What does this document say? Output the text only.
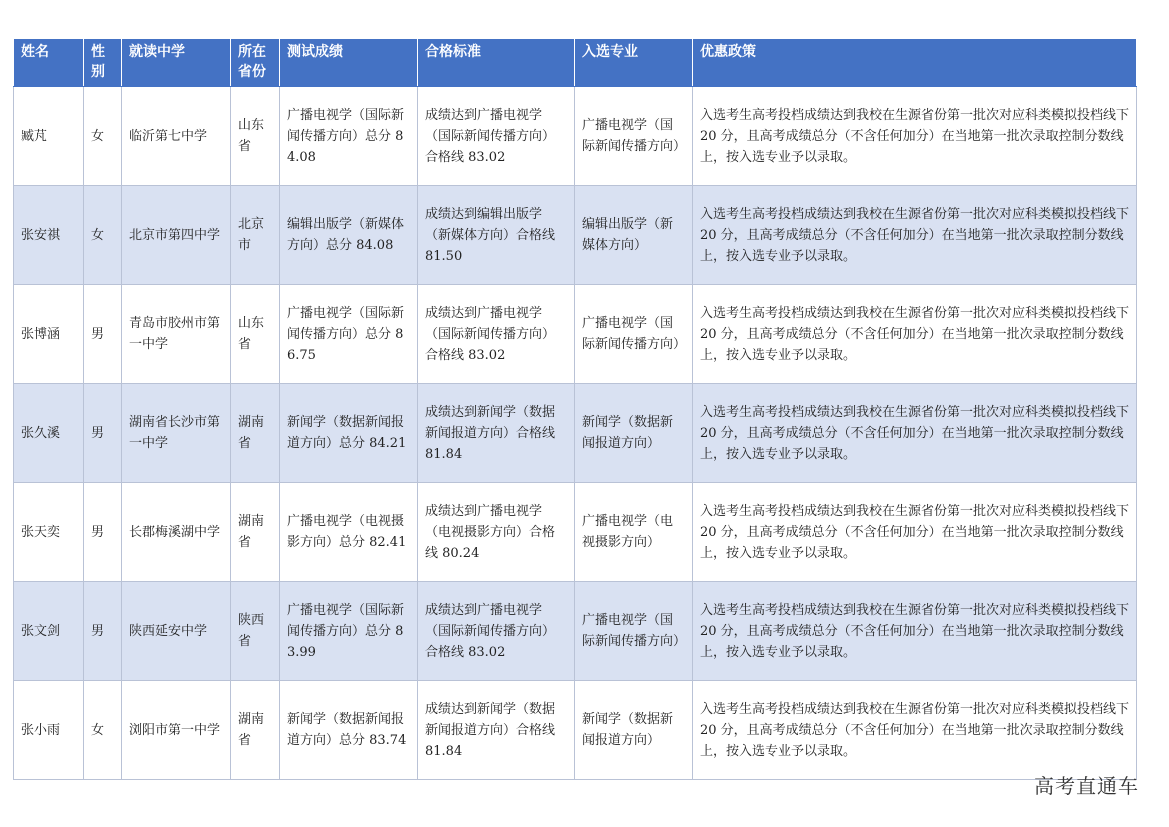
姓名	性别	就读中学	所在省份	测试成绩	合格标准	入选专业	优惠政策
臧芃	女	临沂第七中学	山东省	广播电视学（国际新闻传播方向）总分 84.08	成绩达到广播电视学（国际新闻传播方向）合格线 83.02	广播电视学（国际新闻传播方向）	入选考生高考投档成绩达到我校在生源省份第一批次对应科类模拟投档线下 20 分，且高考成绩总分（不含任何加分）在当地第一批次录取控制分数线上，按入选专业予以录取。
张安祺	女	北京市第四中学	北京市	编辑出版学（新媒体方向）总分 84.08	成绩达到编辑出版学（新媒体方向）合格线 81.50	编辑出版学（新媒体方向）	入选考生高考投档成绩达到我校在生源省份第一批次对应科类模拟投档线下 20 分，且高考成绩总分（不含任何加分）在当地第一批次录取控制分数线上，按入选专业予以录取。
张博涵	男	青岛市胶州市第一中学	山东省	广播电视学（国际新闻传播方向）总分 86.75	成绩达到广播电视学（国际新闻传播方向）合格线 83.02	广播电视学（国际新闻传播方向）	入选考生高考投档成绩达到我校在生源省份第一批次对应科类模拟投档线下 20 分，且高考成绩总分（不含任何加分）在当地第一批次录取控制分数线上，按入选专业予以录取。
张久溪	男	湖南省长沙市第一中学	湖南省	新闻学（数据新闻报道方向）总分 84.21	成绩达到新闻学（数据新闻报道方向）合格线 81.84	新闻学（数据新闻报道方向）	入选考生高考投档成绩达到我校在生源省份第一批次对应科类模拟投档线下 20 分，且高考成绩总分（不含任何加分）在当地第一批次录取控制分数线上，按入选专业予以录取。
张天奕	男	长郡梅溪湖中学	湖南省	广播电视学（电视摄影方向）总分 82.41	成绩达到广播电视学（电视摄影方向）合格线 80.24	广播电视学（电视摄影方向）	入选考生高考投档成绩达到我校在生源省份第一批次对应科类模拟投档线下 20 分，且高考成绩总分（不含任何加分）在当地第一批次录取控制分数线上，按入选专业予以录取。
张文剑	男	陕西延安中学	陕西省	广播电视学（国际新闻传播方向）总分 83.99	成绩达到广播电视学（国际新闻传播方向）合格线 83.02	广播电视学（国际新闻传播方向）	入选考生高考投档成绩达到我校在生源省份第一批次对应科类模拟投档线下 20 分，且高考成绩总分（不含任何加分）在当地第一批次录取控制分数线上，按入选专业予以录取。
张小雨	女	浏阳市第一中学	湖南省	新闻学（数据新闻报道方向）总分 83.74	成绩达到新闻学（数据新闻报道方向）合格线 81.84	新闻学（数据新闻报道方向）	入选考生高考投档成绩达到我校在生源省份第一批次对应科类模拟投档线下 20 分，且高考成绩总分（不含任何加分）在当地第一批次录取控制分数线上，按入选专业予以录取。
高考直通车
